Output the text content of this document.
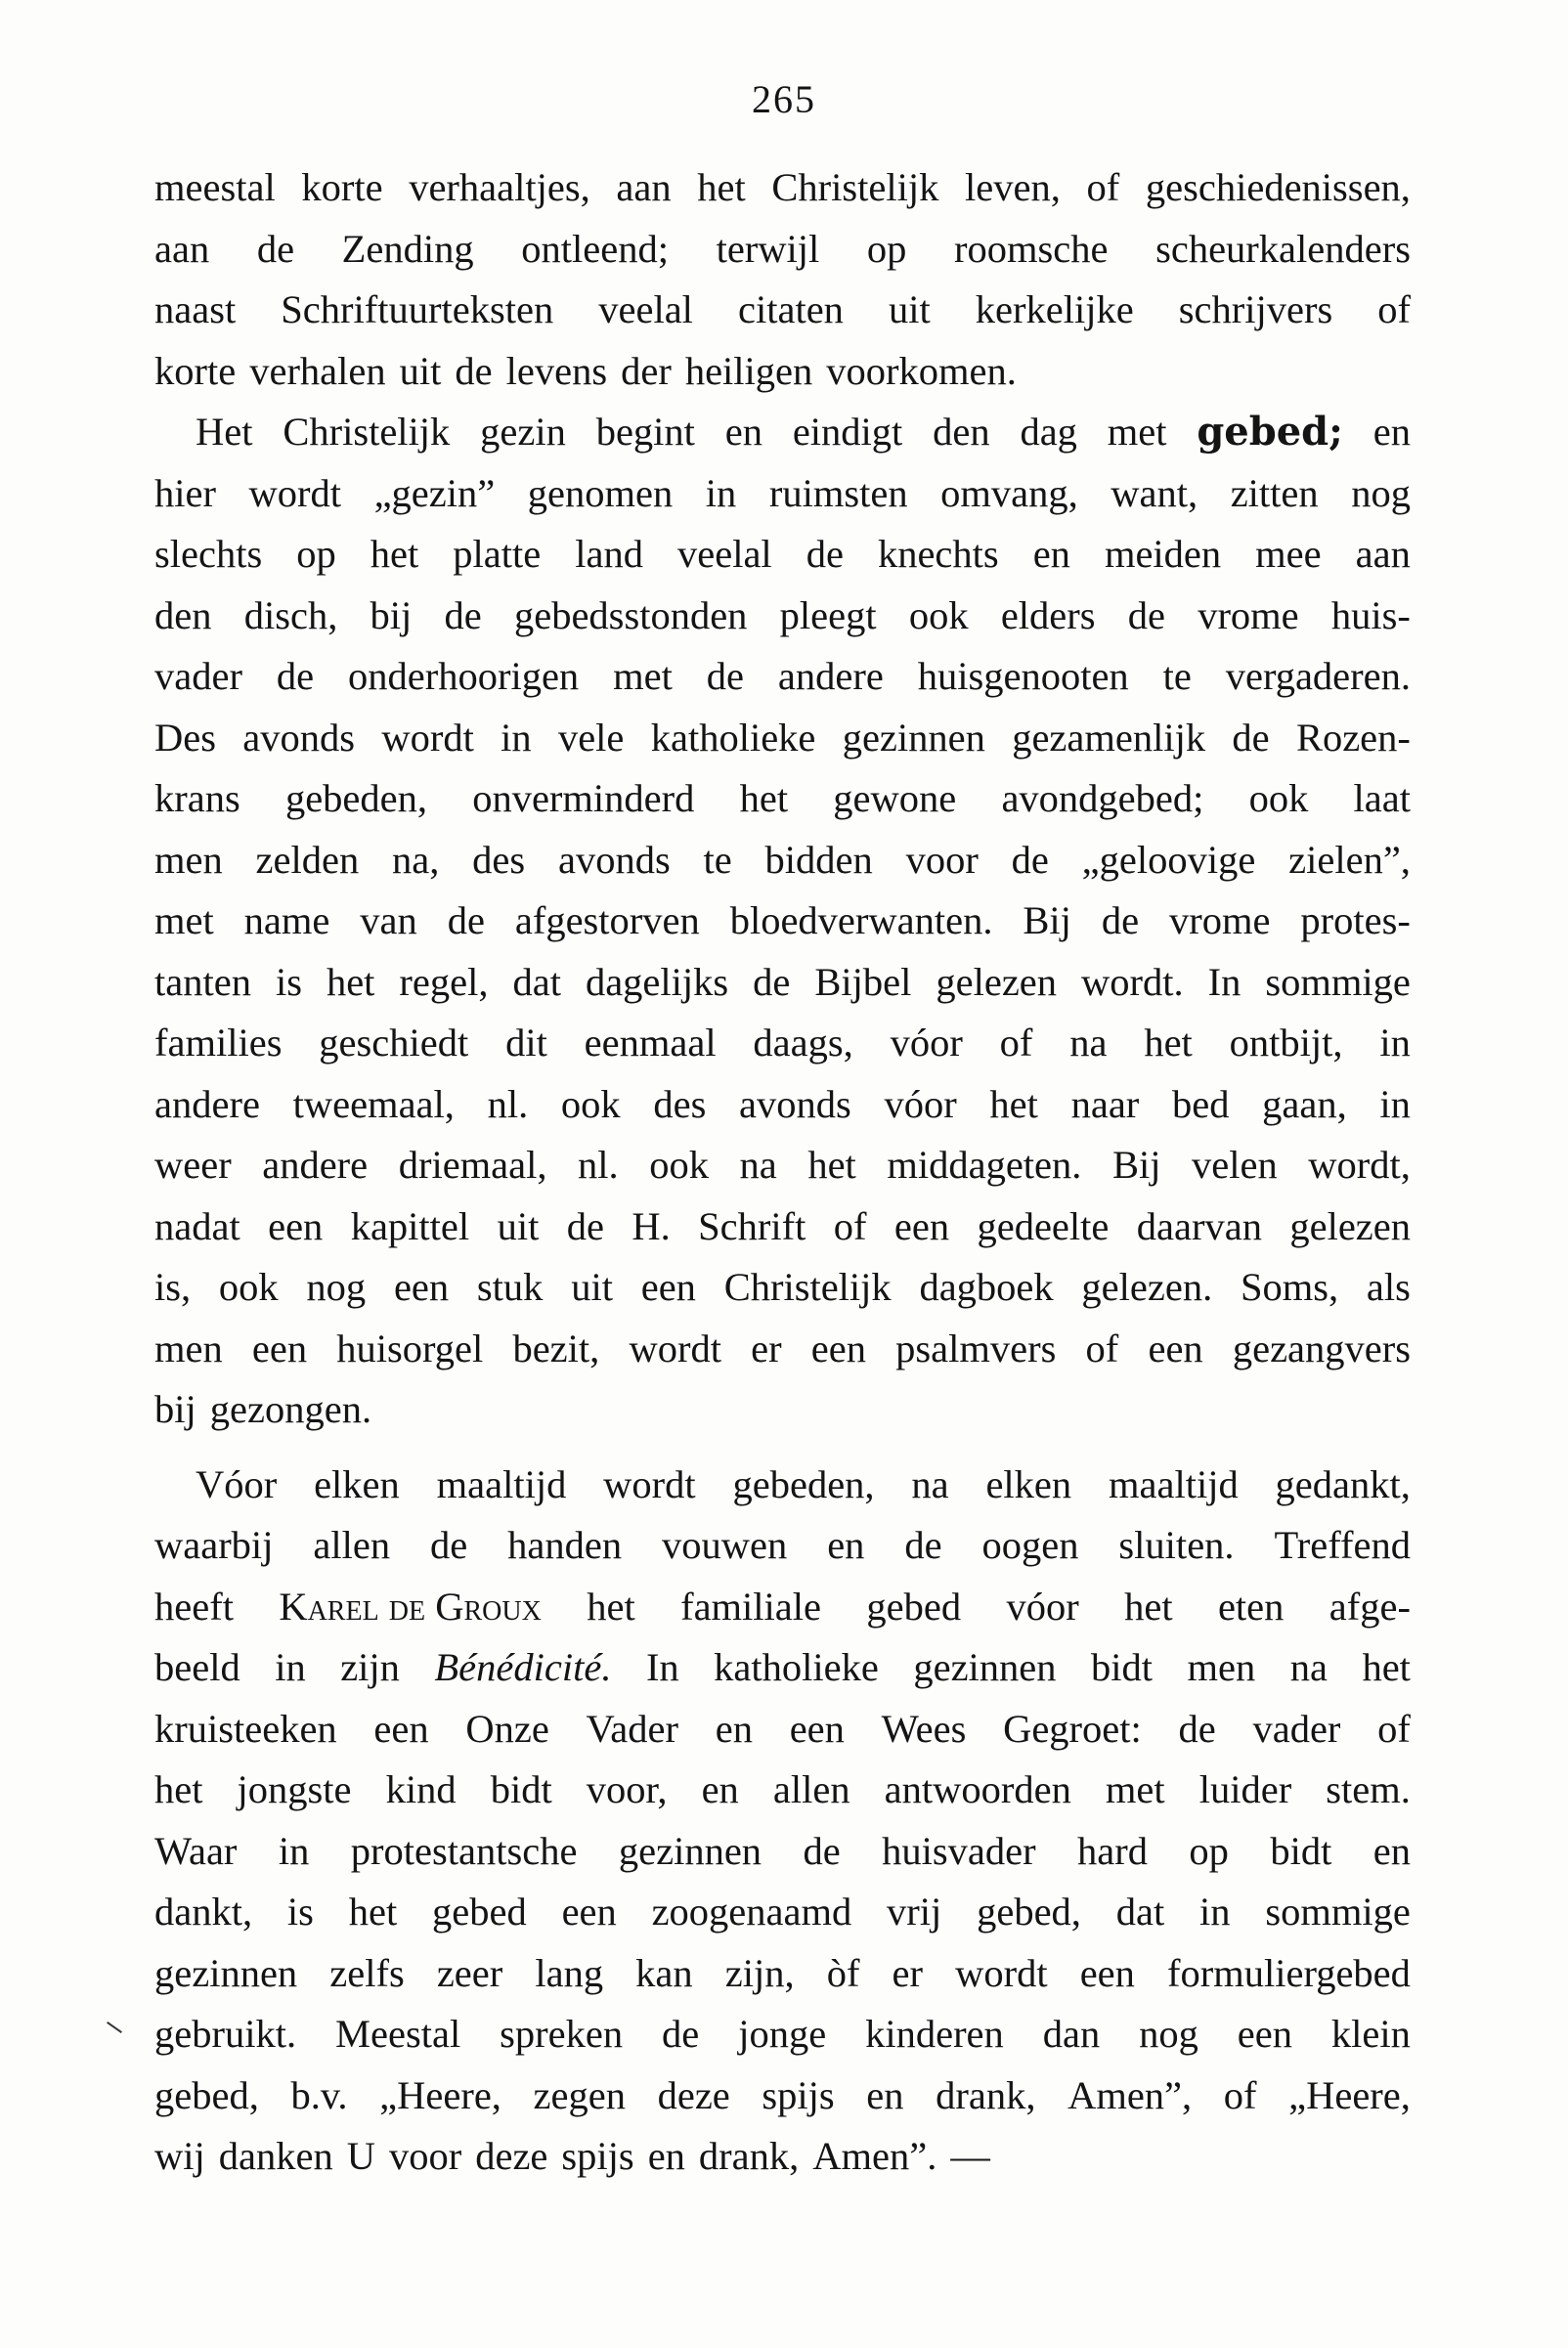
265
meestal korte verhaaltjes, aan het Christelijk leven, of geschiedenissen,
aan de Zending ontleend; terwijl op roomsche scheurkalenders
naast Schriftuurteksten veelal citaten uit kerkelijke schrijvers of
korte verhalen uit de levens der heiligen voorkomen.
Het Christelijk gezin begint en eindigt den dag met gebed; en
hier wordt „gezin” genomen in ruimsten omvang, want, zitten nog
slechts op het platte land veelal de knechts en meiden mee aan
den disch, bij de gebedsstonden pleegt ook elders de vrome huis-
vader de onderhoorigen met de andere huisgenooten te vergaderen.
Des avonds wordt in vele katholieke gezinnen gezamenlijk de Rozen-
krans gebeden, onverminderd het gewone avondgebed; ook laat
men zelden na, des avonds te bidden voor de „geloovige zielen”,
met name van de afgestorven bloedverwanten. Bij de vrome protes-
tanten is het regel, dat dagelijks de Bijbel gelezen wordt. In sommige
families geschiedt dit eenmaal daags, vóor of na het ontbijt, in
andere tweemaal, nl. ook des avonds vóor het naar bed gaan, in
weer andere driemaal, nl. ook na het middageten. Bij velen wordt,
nadat een kapittel uit de H. Schrift of een gedeelte daarvan gelezen
is, ook nog een stuk uit een Christelijk dagboek gelezen. Soms, als
men een huisorgel bezit, wordt er een psalmvers of een gezangvers
bij gezongen.
Vóor elken maaltijd wordt gebeden, na elken maaltijd gedankt,
waarbij allen de handen vouwen en de oogen sluiten. Treffend
heeft Karel de Groux het familiale gebed vóor het eten afge-
beeld in zijn Bénédicité. In katholieke gezinnen bidt men na het
kruisteeken een Onze Vader en een Wees Gegroet: de vader of
het jongste kind bidt voor, en allen antwoorden met luider stem.
Waar in protestantsche gezinnen de huisvader hard op bidt en
dankt, is het gebed een zoogenaamd vrij gebed, dat in sommige
gezinnen zelfs zeer lang kan zijn, òf er wordt een formuliergebed
gebruikt. Meestal spreken de jonge kinderen dan nog een klein
gebed, b.v. „Heere, zegen deze spijs en drank, Amen”, of „Heere,
wij danken U voor deze spijs en drank, Amen”. —
